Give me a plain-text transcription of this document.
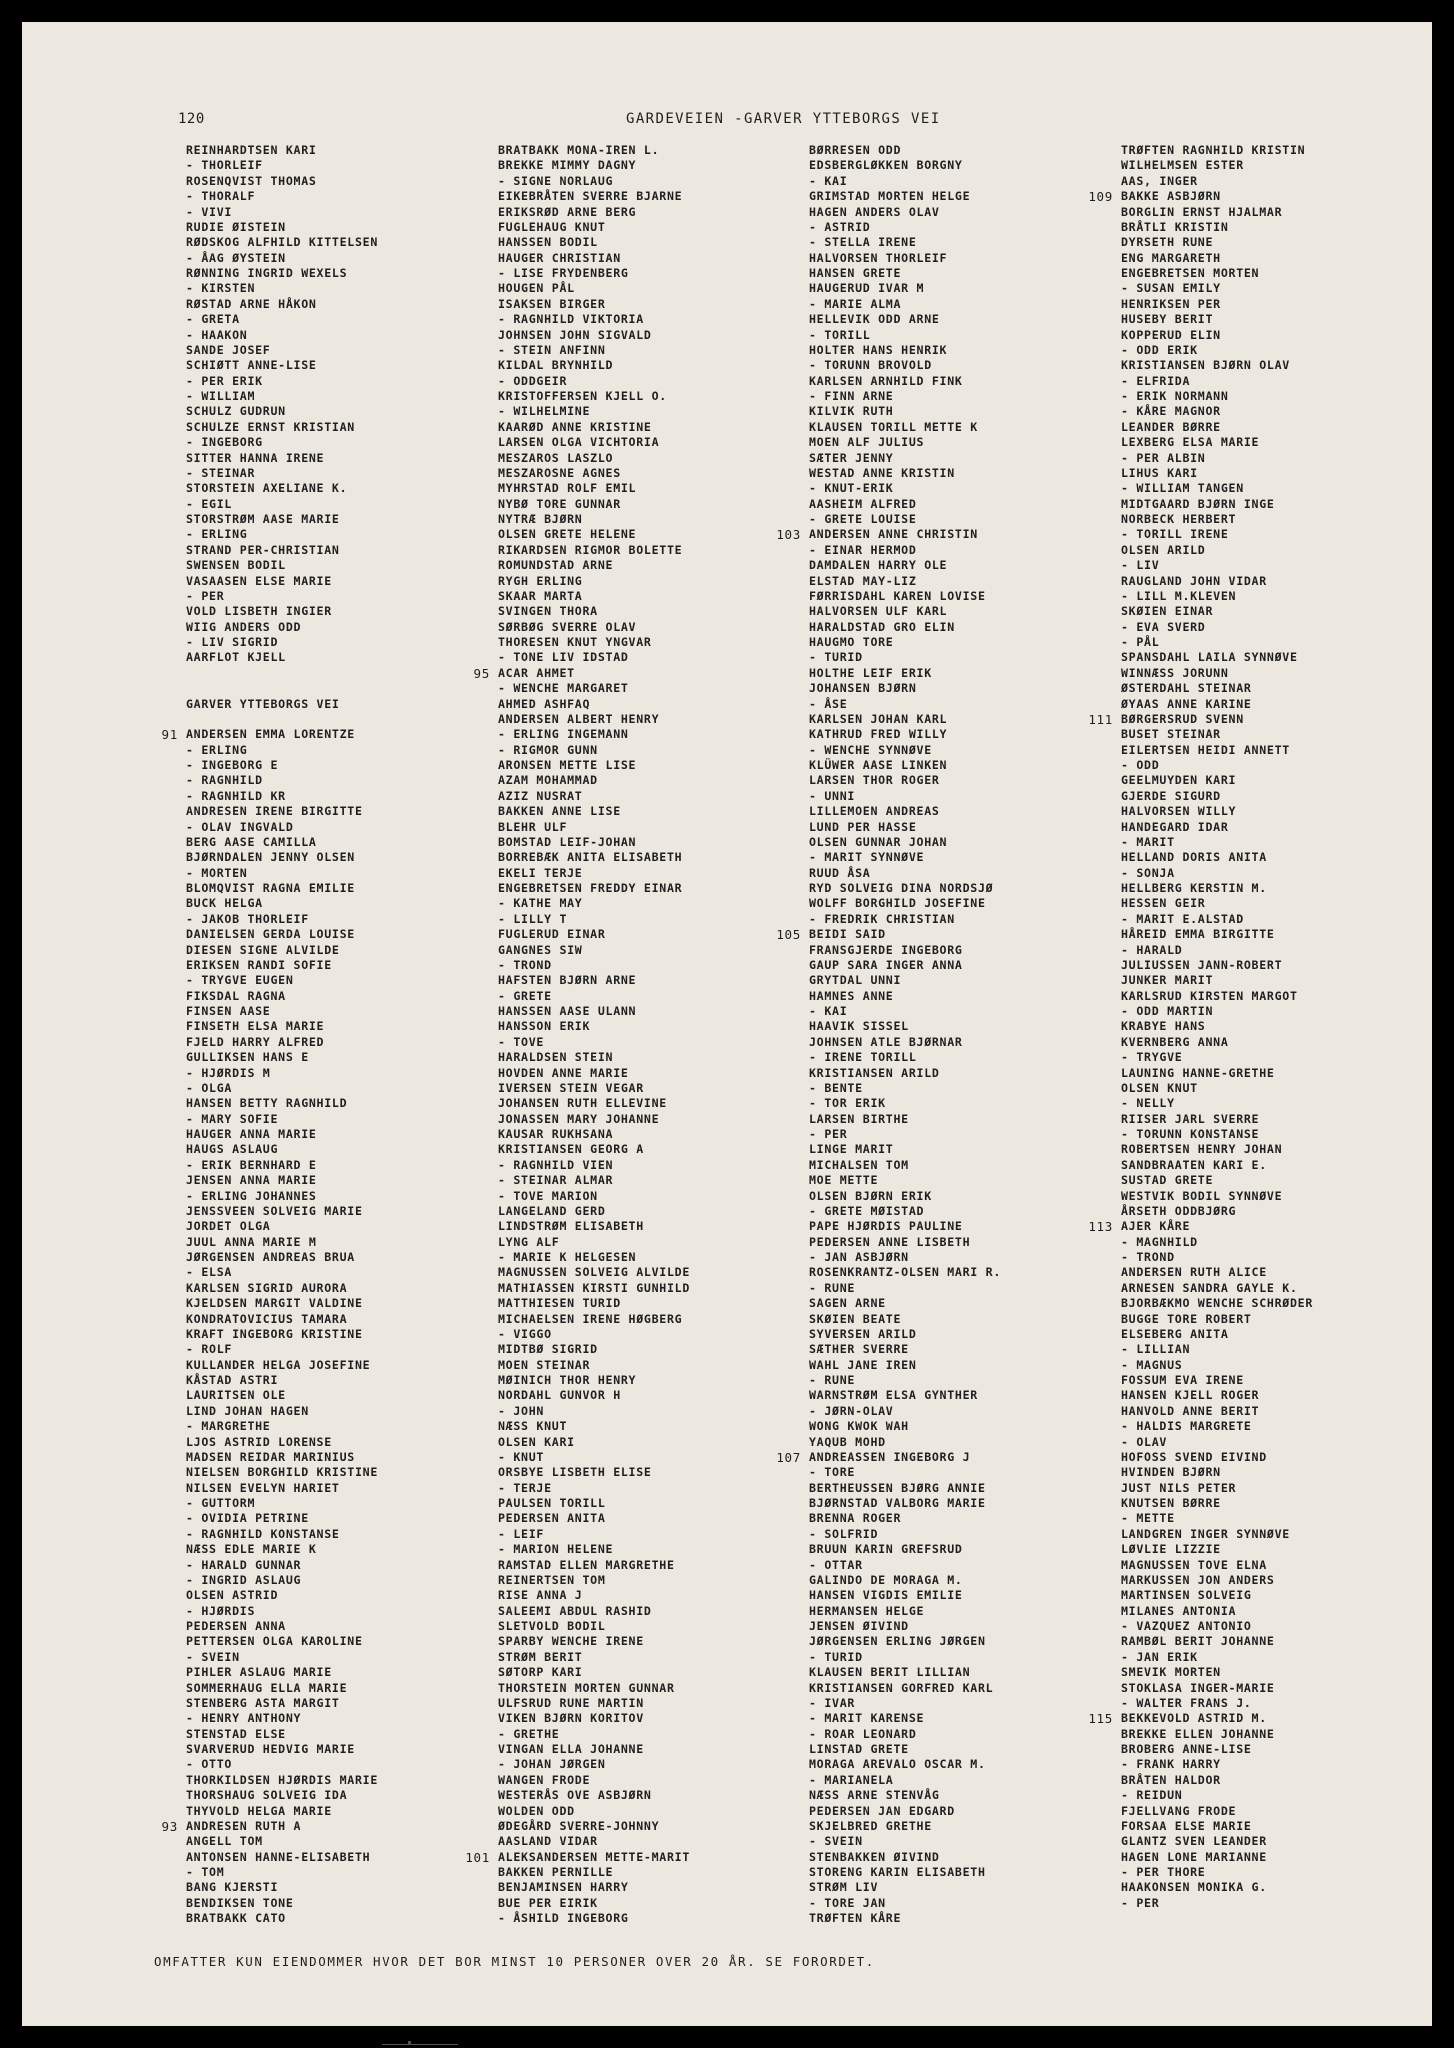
120	GARDEVEIEN -GARVER YTTEBORGS VEI
REINHARDTSEN KARI
- THORLEIF
ROSENQVIST THOMAS
- THORALF
- VIVI
RUDIE ØISTEIN
RØDSKOG ALFHILD KITTELSEN
- ÅAG ØYSTEIN
RØNNING INGRID WEXELS
- KIRSTEN
RØSTAD ARNE HÅKON
- GRETA
- HAAKON
SANDE JOSEF
SCHIØTT ANNE-LISE
- PER ERIK
- WILLIAM
SCHULZ GUDRUN
SCHULZE ERNST KRISTIAN
- INGEBORG
SITTER HANNA IRENE
- STEINAR
STORSTEIN AXELIANE K.
- EGIL
STORSTRØM AASE MARIE
- ERLING
STRAND PER-CHRISTIAN
SWENSEN BODIL
VASAASEN ELSE MARIE
- PER
VOLD LISBETH INGIER
WIIG ANDERS ODD
- LIV SIGRID
AARFLOT KJELL
GARVER YTTEBORGS VEI
91 ANDERSEN EMMA LORENTZE
- ERLING
- INGEBORG E
- RAGNHILD
- RAGNHILD KR
ANDRESEN IRENE BIRGITTE
- OLAV INGVALD
BERG AASE CAMILLA
BJØRNDALEN JENNY OLSEN
- MORTEN
BLOMQVIST RAGNA EMILIE
BUCK HELGA
- JAKOB THORLEIF
DANIELSEN GERDA LOUISE
DIESEN SIGNE ALVILDE
ERIKSEN RANDI SOFIE
- TRYGVE EUGEN
FIKSDAL RAGNA
FINSEN AASE
FINSETH ELSA MARIE
FJELD HARRY ALFRED
GULLIKSEN HANS E
- HJØRDIS M
- OLGA
HANSEN BETTY RAGNHILD
- MARY SOFIE
HAUGER ANNA MARIE
HAUGS ASLAUG
- ERIK BERNHARD E
JENSEN ANNA MARIE
- ERLING JOHANNES
JENSSVEEN SOLVEIG MARIE
JORDET OLGA
JUUL ANNA MARIE M
JØRGENSEN ANDREAS BRUA
- ELSA
KARLSEN SIGRID AURORA
KJELDSEN MARGIT VALDINE
KONDRATOVICIUS TAMARA
KRAFT INGEBORG KRISTINE
- ROLF
KULLANDER HELGA JOSEFINE
KÅSTAD ASTRI
LAURITSEN OLE
LIND JOHAN HAGEN
- MARGRETHE
LJOS ASTRID LORENSE
MADSEN REIDAR MARINIUS
NIELSEN BORGHILD KRISTINE
NILSEN EVELYN HARIET
- GUTTORM
- OVIDIA PETRINE
- RAGNHILD KONSTANSE
NÆSS EDLE MARIE K
- HARALD GUNNAR
- INGRID ASLAUG
OLSEN ASTRID
- HJØRDIS
PEDERSEN ANNA
PETTERSEN OLGA KAROLINE
- SVEIN
PIHLER ASLAUG MARIE
SOMMERHAUG ELLA MARIE
STENBERG ASTA MARGIT
- HENRY ANTHONY
STENSTAD ELSE
SVARVERUD HEDVIG MARIE
- OTTO
THORKILDSEN HJØRDIS MARIE
THORSHAUG SOLVEIG IDA
THYVOLD HELGA MARIE
93 ANDRESEN RUTH A
ANGELL TOM
ANTONSEN HANNE-ELISABETH
- TOM
BANG KJERSTI
BENDIKSEN TONE
BRATBAKK CATO
BRATBAKK MONA-IREN L.
BREKKE MIMMY DAGNY
- SIGNE NORLAUG
EIKEBRÅTEN SVERRE BJARNE
ERIKSRØD ARNE BERG
FUGLEHAUG KNUT
HANSSEN BODIL
HAUGER CHRISTIAN
- LISE FRYDENBERG
HOUGEN PÅL
ISAKSEN BIRGER
- RAGNHILD VIKTORIA
JOHNSEN JOHN SIGVALD
- STEIN ANFINN
KILDAL BRYNHILD
- ODDGEIR
KRISTOFFERSEN KJELL O.
- WILHELMINE
KAARØD ANNE KRISTINE
LARSEN OLGA VICHTORIA
MESZAROS LASZLO
MESZAROSNE AGNES
MYHRSTAD ROLF EMIL
NYBØ TORE GUNNAR
NYTRÆ BJØRN
OLSEN GRETE HELENE
RIKARDSEN RIGMOR BOLETTE
ROMUNDSTAD ARNE
RYGH ERLING
SKAAR MARTA
SVINGEN THORA
SØRBØG SVERRE OLAV
THORESEN KNUT YNGVAR
- TONE LIV IDSTAD
95 ACAR AHMET
- WENCHE MARGARET
AHMED ASHFAQ
ANDERSEN ALBERT HENRY
- ERLING INGEMANN
- RIGMOR GUNN
ARONSEN METTE LISE
AZAM MOHAMMAD
AZIZ NUSRAT
BAKKEN ANNE LISE
BLEHR ULF
BOMSTAD LEIF-JOHAN
BORREBÆK ANITA ELISABETH
EKELI TERJE
ENGEBRETSEN FREDDY EINAR
- KATHE MAY
- LILLY T
FUGLERUD EINAR
GANGNES SIW
- TROND
HAFSTEN BJØRN ARNE
- GRETE
HANSSEN AASE ULANN
HANSSON ERIK
- TOVE
HARALDSEN STEIN
HOVDEN ANNE MARIE
IVERSEN STEIN VEGAR
JOHANSEN RUTH ELLEVINE
JONASSEN MARY JOHANNE
KAUSAR RUKHSANA
KRISTIANSEN GEORG A
- RAGNHILD VIEN
- STEINAR ALMAR
- TOVE MARION
LANGELAND GERD
LINDSTRØM ELISABETH
LYNG ALF
- MARIE K HELGESEN
MAGNUSSEN SOLVEIG ALVILDE
MATHIASSEN KIRSTI GUNHILD
MATTHIESEN TURID
MICHAELSEN IRENE HØGBERG
- VIGGO
MIDTBØ SIGRID
MOEN STEINAR
MØINICH THOR HENRY
NORDAHL GUNVOR H
- JOHN
NÆSS KNUT
OLSEN KARI
- KNUT
ORSBYE LISBETH ELISE
- TERJE
PAULSEN TORILL
PEDERSEN ANITA
- LEIF
- MARION HELENE
RAMSTAD ELLEN MARGRETHE
REINERTSEN TOM
RISE ANNA J
SALEEMI ABDUL RASHID
SLETVOLD BODIL
SPARBY WENCHE IRENE
STRØM BERIT
SØTORP KARI
THORSTEIN MORTEN GUNNAR
ULFSRUD RUNE MARTIN
VIKEN BJØRN KORITOV
- GRETHE
VINGAN ELLA JOHANNE
- JOHAN JØRGEN
WANGEN FRODE
WESTERÅS OVE ASBJØRN
WOLDEN ODD
ØDEGÅRD SVERRE-JOHNNY
AASLAND VIDAR
101 ALEKSANDERSEN METTE-MARIT
BAKKEN PERNILLE
BENJAMINSEN HARRY
BUE PER EIRIK
- ÅSHILD INGEBORG
BØRRESEN ODD
EDSBERGLØKKEN BORGNY
- KAI
GRIMSTAD MORTEN HELGE
HAGEN ANDERS OLAV
- ASTRID
- STELLA IRENE
HALVORSEN THORLEIF
HANSEN GRETE
HAUGERUD IVAR M
- MARIE ALMA
HELLEVIK ODD ARNE
- TORILL
HOLTER HANS HENRIK
- TORUNN BROVOLD
KARLSEN ARNHILD FINK
- FINN ARNE
KILVIK RUTH
KLAUSEN TORILL METTE K
MOEN ALF JULIUS
SÆTER JENNY
WESTAD ANNE KRISTIN
- KNUT-ERIK
AASHEIM ALFRED
- GRETE LOUISE
103 ANDERSEN ANNE CHRISTIN
- EINAR HERMOD
DAMDALEN HARRY OLE
ELSTAD MAY-LIZ
FØRRISDAHL KAREN LOVISE
HALVORSEN ULF KARL
HARALDSTAD GRO ELIN
HAUGMO TORE
- TURID
HOLTHE LEIF ERIK
JOHANSEN BJØRN
- ÅSE
KARLSEN JOHAN KARL
KATHRUD FRED WILLY
- WENCHE SYNNØVE
KLÜWER AASE LINKEN
LARSEN THOR ROGER
- UNNI
LILLEMOEN ANDREAS
LUND PER HASSE
OLSEN GUNNAR JOHAN
- MARIT SYNNØVE
RUUD ÅSA
RYD SOLVEIG DINA NORDSJØ
WOLFF BORGHILD JOSEFINE
- FREDRIK CHRISTIAN
105 BEIDI SAID
FRANSGJERDE INGEBORG
GAUP SARA INGER ANNA
GRYTDAL UNNI
HAMNES ANNE
- KAI
HAAVIK SISSEL
JOHNSEN ATLE BJØRNAR
- IRENE TORILL
KRISTIANSEN ARILD
- BENTE
- TOR ERIK
LARSEN BIRTHE
- PER
LINGE MARIT
MICHALSEN TOM
MOE METTE
OLSEN BJØRN ERIK
- GRETE MØISTAD
PAPE HJØRDIS PAULINE
PEDERSEN ANNE LISBETH
- JAN ASBJØRN
ROSENKRANTZ-OLSEN MARI R.
- RUNE
SAGEN ARNE
SKØIEN BEATE
SYVERSEN ARILD
SÆTHER SVERRE
WAHL JANE IREN
- RUNE
WARNSTRØM ELSA GYNTHER
- JØRN-OLAV
WONG KWOK WAH
YAQUB MOHD
107 ANDREASSEN INGEBORG J
- TORE
BERTHEUSSEN BJØRG ANNIE
BJØRNSTAD VALBORG MARIE
BRENNA ROGER
- SOLFRID
BRUUN KARIN GREFSRUD
- OTTAR
GALINDO DE MORAGA M.
HANSEN VIGDIS EMILIE
HERMANSEN HELGE
JENSEN ØIVIND
JØRGENSEN ERLING JØRGEN
- TURID
KLAUSEN BERIT LILLIAN
KRISTIANSEN GORFRED KARL
- IVAR
- MARIT KARENSE
- ROAR LEONARD
LINSTAD GRETE
MORAGA AREVALO OSCAR M.
- MARIANELA
NÆSS ARNE STENVÅG
PEDERSEN JAN EDGARD
SKJELBRED GRETHE
- SVEIN
STENBAKKEN ØIVIND
STORENG KARIN ELISABETH
STRØM LIV
- TORE JAN
TRØFTEN KÅRE
TRØFTEN RAGNHILD KRISTIN
WILHELMSEN ESTER
AAS, INGER
109 BAKKE ASBJØRN
BORGLIN ERNST HJALMAR
BRÅTLI KRISTIN
DYRSETH RUNE
ENG MARGARETH
ENGEBRETSEN MORTEN
- SUSAN EMILY
HENRIKSEN PER
HUSEBY BERIT
KOPPERUD ELIN
- ODD ERIK
KRISTIANSEN BJØRN OLAV
- ELFRIDA
- ERIK NORMANN
- KÅRE MAGNOR
LEANDER BØRRE
LEXBERG ELSA MARIE
- PER ALBIN
LIHUS KARI
- WILLIAM TANGEN
MIDTGAARD BJØRN INGE
NORBECK HERBERT
- TORILL IRENE
OLSEN ARILD
- LIV
RAUGLAND JOHN VIDAR
- LILL M.KLEVEN
SKØIEN EINAR
- EVA SVERD
- PÅL
SPANSDAHL LAILA SYNNØVE
WINNÆSS JORUNN
ØSTERDAHL STEINAR
ØYAAS ANNE KARINE
111 BØRGERSRUD SVENN
BUSET STEINAR
EILERTSEN HEIDI ANNETT
- ODD
GEELMUYDEN KARI
GJERDE SIGURD
HALVORSEN WILLY
HANDEGARD IDAR
- MARIT
HELLAND DORIS ANITA
- SONJA
HELLBERG KERSTIN M.
HESSEN GEIR
- MARIT E.ALSTAD
HÅREID EMMA BIRGITTE
- HARALD
JULIUSSEN JANN-ROBERT
JUNKER MARIT
KARLSRUD KIRSTEN MARGOT
- ODD MARTIN
KRABYE HANS
KVERNBERG ANNA
- TRYGVE
LAUNING HANNE-GRETHE
OLSEN KNUT
- NELLY
RIISER JARL SVERRE
- TORUNN KONSTANSE
ROBERTSEN HENRY JOHAN
SANDBRAATEN KARI E.
SUSTAD GRETE
WESTVIK BODIL SYNNØVE
ÅRSETH ODDBJØRG
113 AJER KÅRE
- MAGNHILD
- TROND
ANDERSEN RUTH ALICE
ARNESEN SANDRA GAYLE K.
BJORBÆKMO WENCHE SCHRØDER
BUGGE TORE ROBERT
ELSEBERG ANITA
- LILLIAN
- MAGNUS
FOSSUM EVA IRENE
HANSEN KJELL ROGER
HANVOLD ANNE BERIT
- HALDIS MARGRETE
- OLAV
HOFOSS SVEND EIVIND
HVINDEN BJØRN
JUST NILS PETER
KNUTSEN BØRRE
- METTE
LANDGREN INGER SYNNØVE
LØVLIE LIZZIE
MAGNUSSEN TOVE ELNA
MARKUSSEN JON ANDERS
MARTINSEN SOLVEIG
MILANES ANTONIA
- VAZQUEZ ANTONIO
RAMBØL BERIT JOHANNE
- JAN ERIK
SMEVIK MORTEN
STOKLASA INGER-MARIE
- WALTER FRANS J.
115 BEKKEVOLD ASTRID M.
BREKKE ELLEN JOHANNE
BROBERG ANNE-LISE
- FRANK HARRY
BRÅTEN HALDOR
- REIDUN
FJELLVANG FRODE
FORSAA ELSE MARIE
GLANTZ SVEN LEANDER
HAGEN LONE MARIANNE
- PER THORE
HAAKONSEN MONIKA G.
- PER
OMFATTER KUN EIENDOMMER HVOR DET BOR MINST 10 PERSONER OVER 20 ÅR. SE FORORDET.
